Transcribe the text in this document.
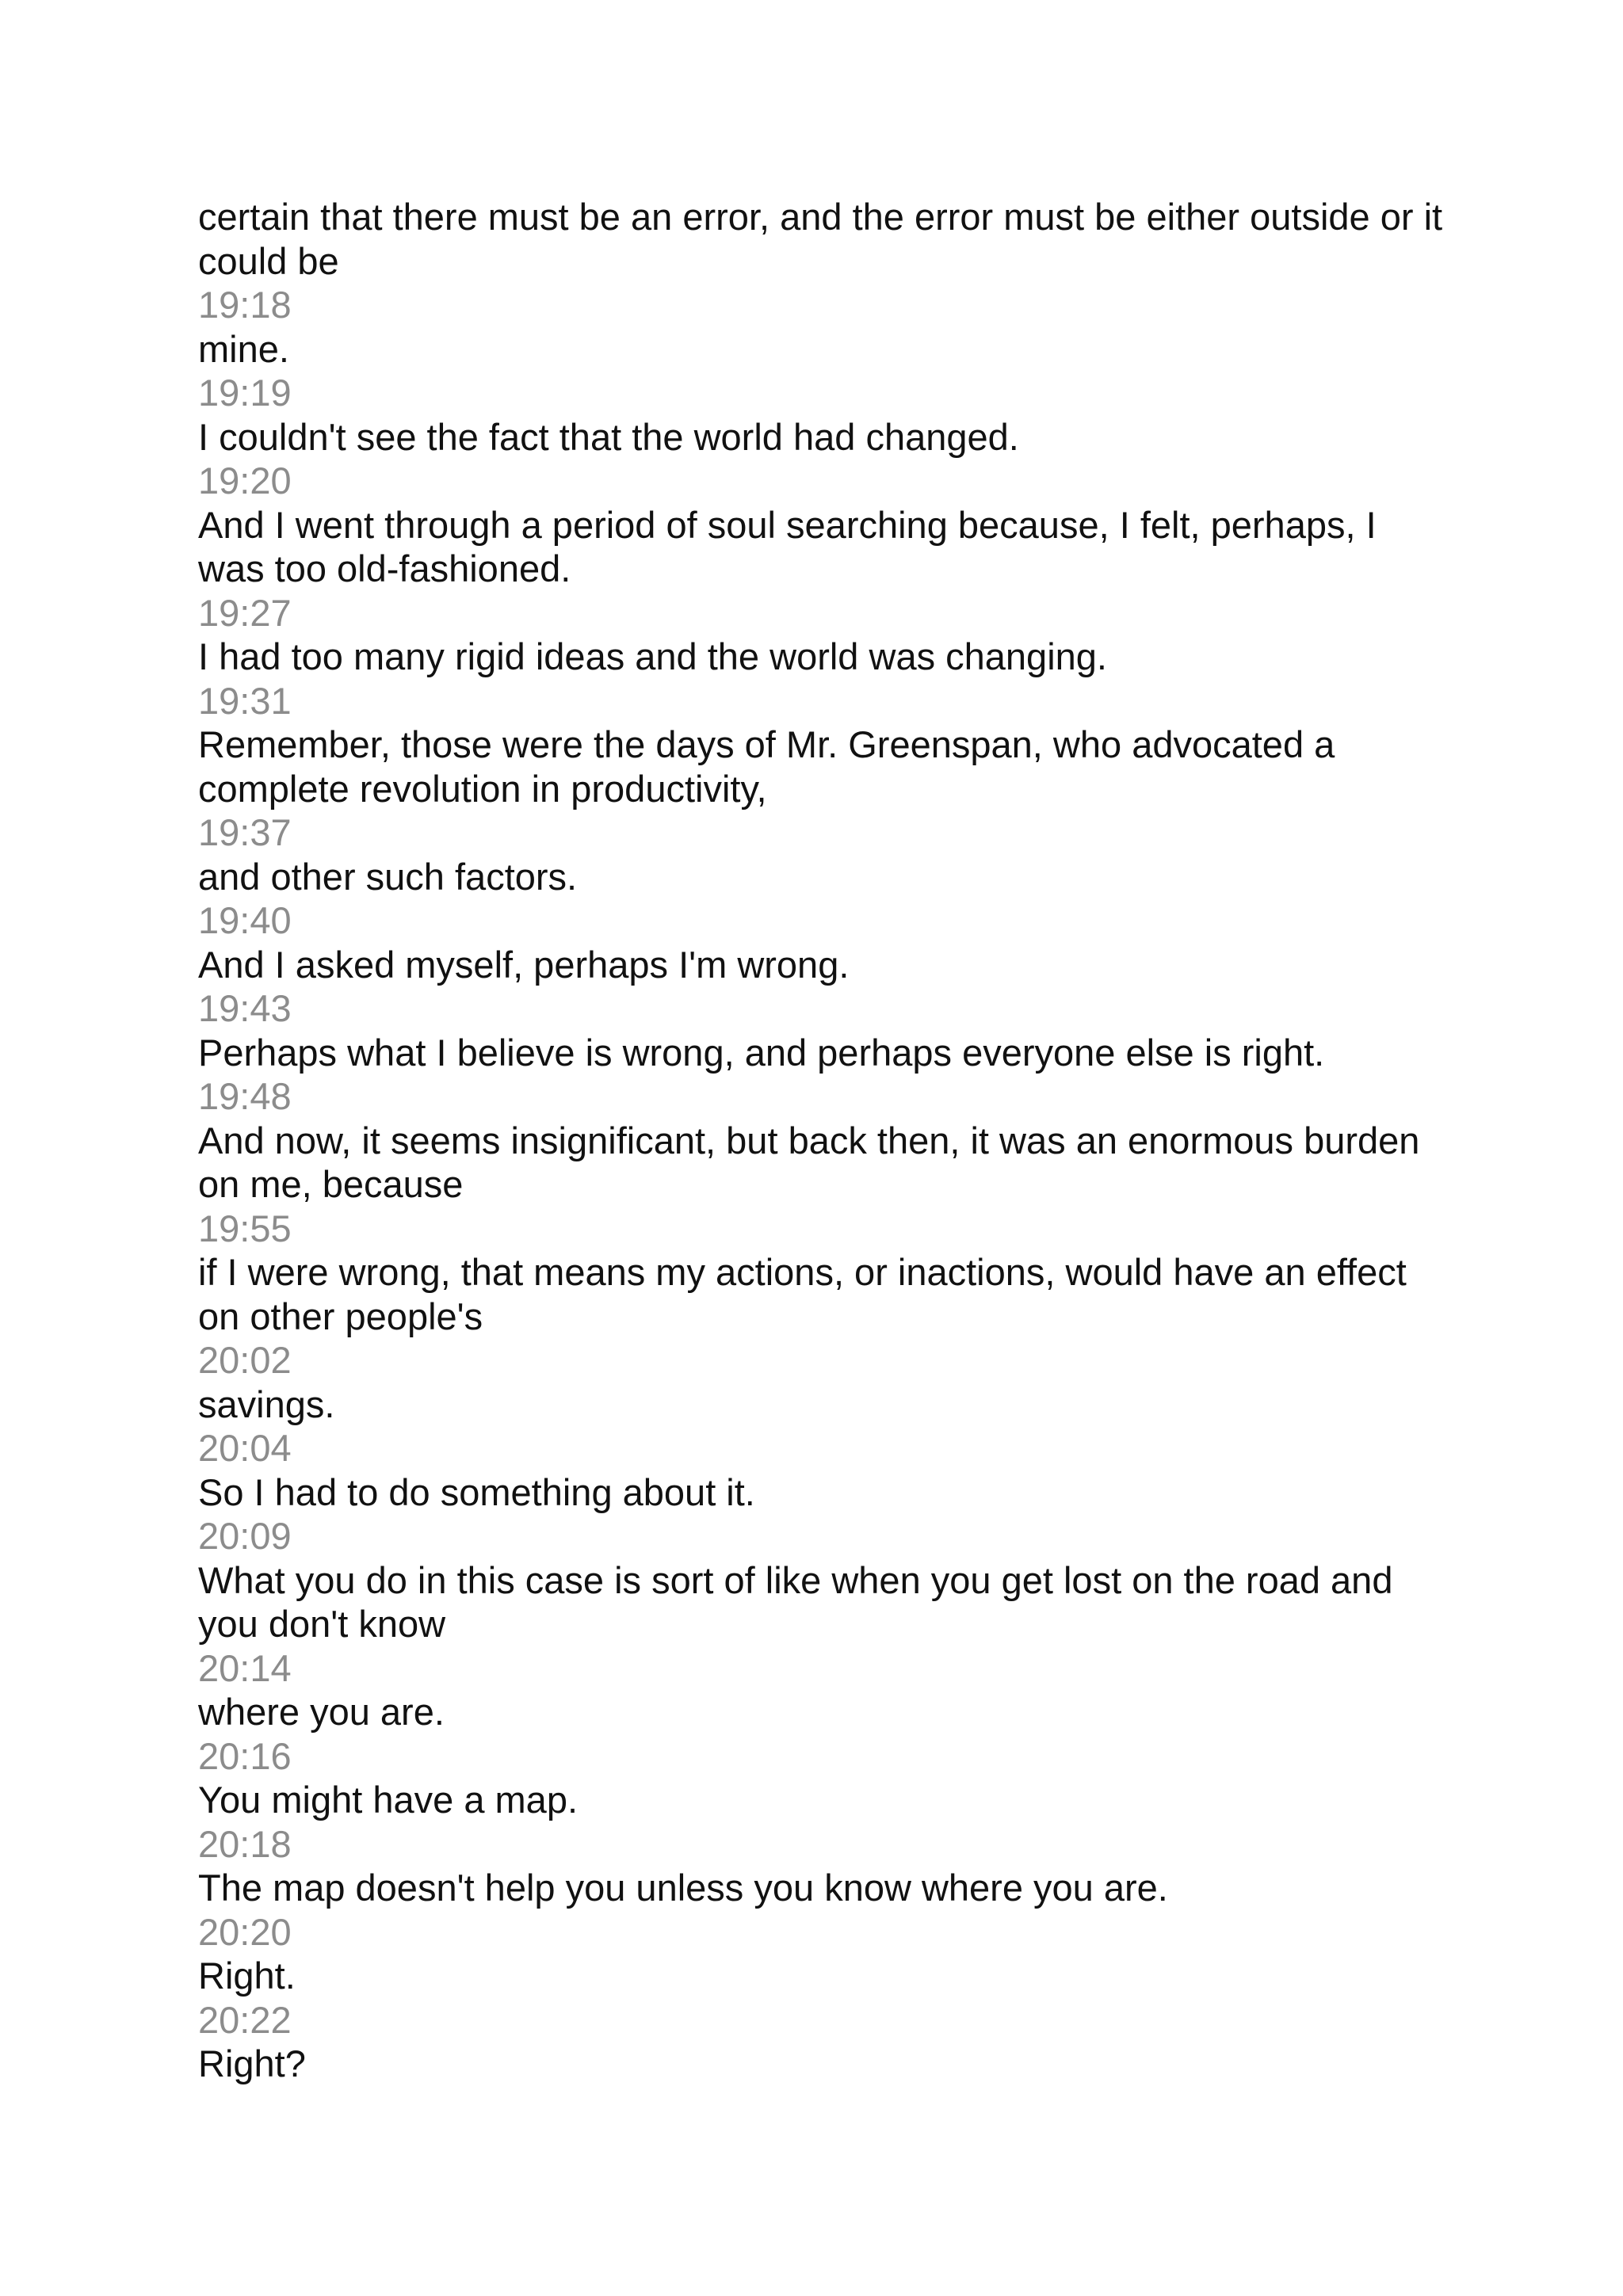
certain that there must be an error, and the error must be either outside or it could be
19:18
mine.
19:19
I couldn't see the fact that the world had changed.
19:20
And I went through a period of soul searching because, I felt, perhaps, I was too old-fashioned.
19:27
I had too many rigid ideas and the world was changing.
19:31
Remember, those were the days of Mr. Greenspan, who advocated a complete revolution in productivity,
19:37
and other such factors.
19:40
And I asked myself, perhaps I'm wrong.
19:43
Perhaps what I believe is wrong, and perhaps everyone else is right.
19:48
And now, it seems insignificant, but back then, it was an enormous burden on me, because
19:55
if I were wrong, that means my actions, or inactions, would have an effect on other people's
20:02
savings.
20:04
So I had to do something about it.
20:09
What you do in this case is sort of like when you get lost on the road and you don't know
20:14
where you are.
20:16
You might have a map.
20:18
The map doesn't help you unless you know where you are.
20:20
Right.
20:22
Right?
